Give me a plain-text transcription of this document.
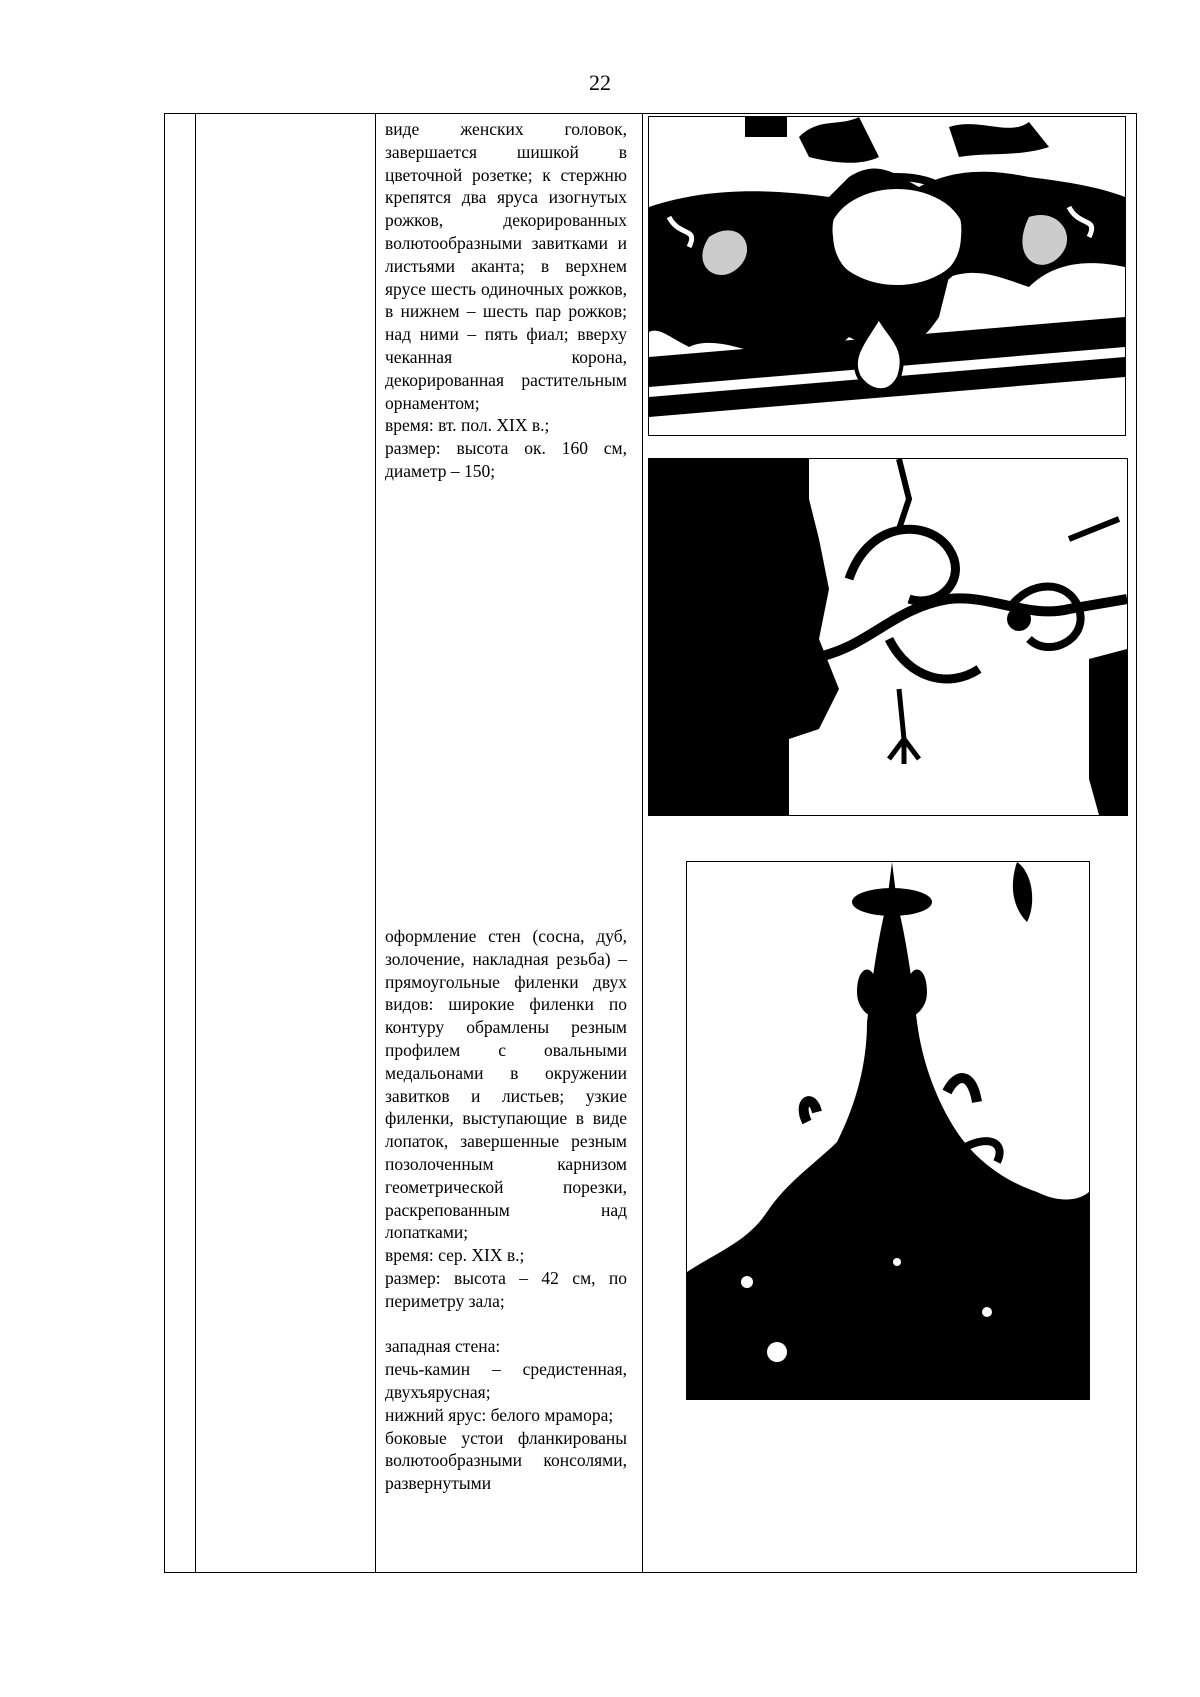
22

виде женских головок, завершается шишкой в цветочной розетке; к стержню крепятся два яруса изогнутых рожков, декорированных волютообразными завитками и листьями аканта; в верхнем ярусе шесть одиночных рожков, в нижнем – шесть пар рожков; над ними – пять фиал; вверху чеканная корона, декорированная растительным орнаментом;

время: вт. пол. XIX в.;

размер: высота ок. 160 см, диаметр – 150;

оформление стен (сосна, дуб, золочение, накладная резьба) – прямоугольные филенки двух видов: широкие филенки по контуру обрамлены резным профилем с овальными медальонами в окружении завитков и листьев; узкие филенки, выступающие в виде лопаток, завершенные резным позолоченным карнизом геометрической порезки, раскрепованным над лопатками;

время: сер. XIX в.;

размер: высота – 42 см, по периметру зала;

западная стена:

печь-камин – средистенная, двухъярусная;

нижний ярус: белого мрамора;

боковые устои фланкированы волютообразными консолями, развернутыми
